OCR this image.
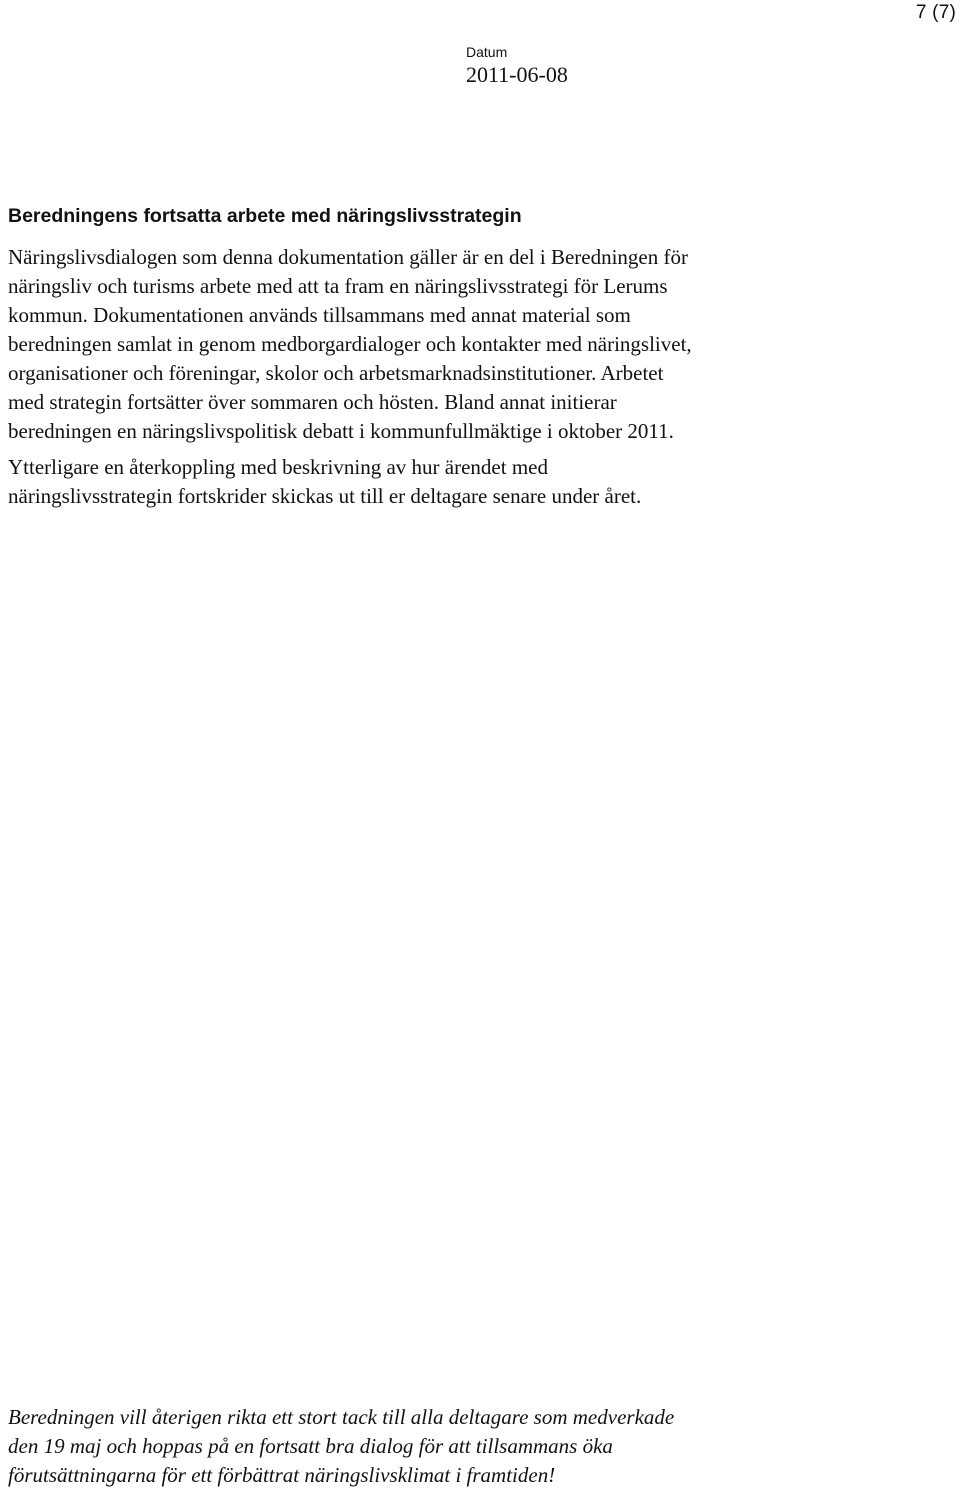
7 (7)
Datum
2011-06-08
Beredningens fortsatta arbete med näringslivsstrategin

Näringslivsdialogen som denna dokumentation gäller är en del i Beredningen för
näringsliv och turisms arbete med att ta fram en näringslivsstrategi för Lerums
kommun. Dokumentationen används tillsammans med annat material som
beredningen samlat in genom medborgardialoger och kontakter med näringslivet,
organisationer och föreningar, skolor och arbetsmarknadsinstitutioner. Arbetet
med strategin fortsätter över sommaren och hösten. Bland annat initierar
beredningen en näringslivspolitisk debatt i kommunfullmäktige i oktober 2011.

Ytterligare en återkoppling med beskrivning av hur ärendet med
näringslivsstrategin fortskrider skickas ut till er deltagare senare under året.

Beredningen vill återigen rikta ett stort tack till alla deltagare som medverkade
den 19 maj och hoppas på en fortsatt bra dialog för att tillsammans öka
förutsättningarna för ett förbättrat näringslivsklimat i framtiden!
